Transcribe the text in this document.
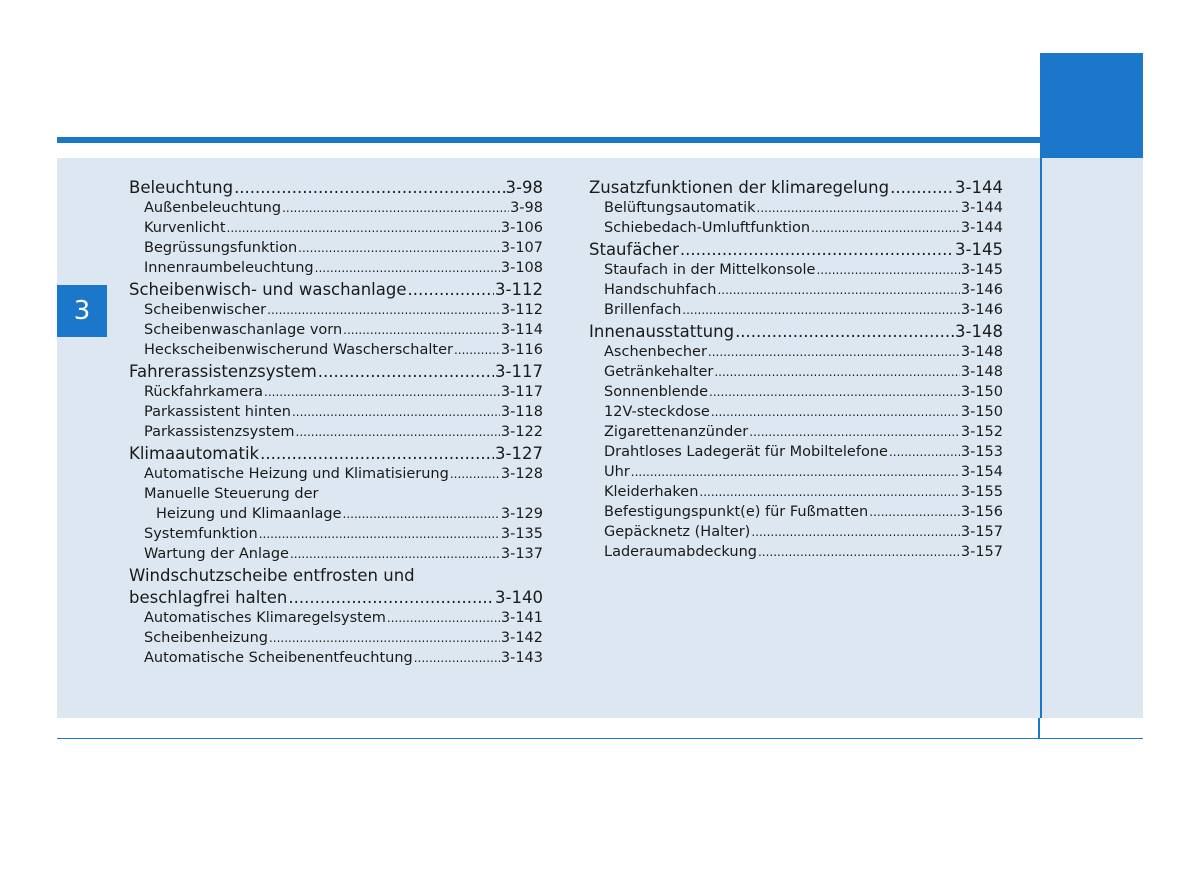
3
Beleuchtung .....	3-98
Außenbeleuchtung .....	3-98
Kurvenlicht .....	3-106
Begrüssungsfunktion .....	3-107
Innenraumbeleuchtung .....	3-108
Scheibenwisch- und waschanlage .....	3-112
Scheibenwischer .....	3-112
Scheibenwaschanlage vorn .....	3-114
Heckscheibenwischerund Wascherschalter .....	3-116
Fahrerassistenzsystem .....	3-117
Rückfahrkamera .....	3-117
Parkassistent hinten .....	3-118
Parkassistenzsystem .....	3-122
Klimaautomatik .....	3-127
Automatische Heizung und Klimatisierung .....	3-128
Manuelle Steuerung der
Heizung und Klimaanlage .....	3-129
Systemfunktion .....	3-135
Wartung der Anlage .....	3-137
Windschutzscheibe entfrosten und
beschlagfrei halten .....	3-140
Automatisches Klimaregelsystem .....	3-141
Scheibenheizung .....	3-142
Automatische Scheibenentfeuchtung .....	3-143
Zusatzfunktionen der klimaregelung .....	3-144
Belüftungsautomatik .....	3-144
Schiebedach-Umluftfunktion .....	3-144
Staufächer .....	3-145
Staufach in der Mittelkonsole .....	3-145
Handschuhfach .....	3-146
Brillenfach .....	3-146
Innenausstattung .....	3-148
Aschenbecher .....	3-148
Getränkehalter .....	3-148
Sonnenblende .....	3-150
12V-steckdose .....	3-150
Zigarettenanzünder .....	3-152
Drahtloses Ladegerät für Mobiltelefone .....	3-153
Uhr .....	3-154
Kleiderhaken .....	3-155
Befestigungspunkt(e) für Fußmatten .....	3-156
Gepäcknetz (Halter) .....	3-157
Laderaumabdeckung .....	3-157
